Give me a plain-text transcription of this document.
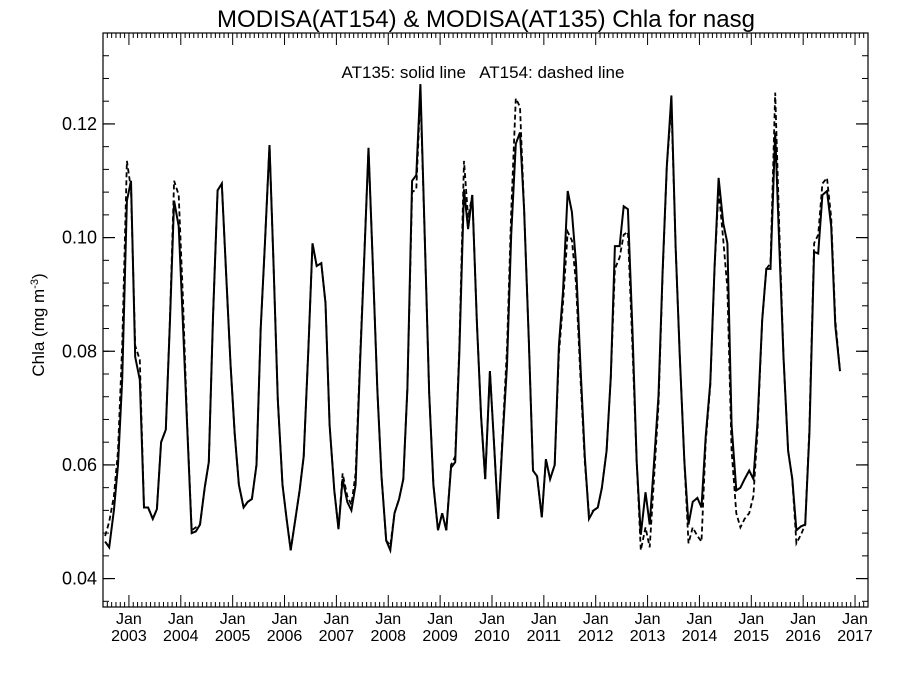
MODISA(AT154) & MODISA(AT135) Chla for nasg
AT135: solid line   AT154: dashed line
Chla (mg $m^{-3}$)
0.04
0.06
0.08
0.10
0.12
Jan
2003
Jan
2004
Jan
2005
Jan
2006
Jan
2007
Jan
2008
Jan
2009
Jan
2010
Jan
2011
Jan
2012
Jan
2013
Jan
2014
Jan
2015
Jan
2016
Jan
2017
